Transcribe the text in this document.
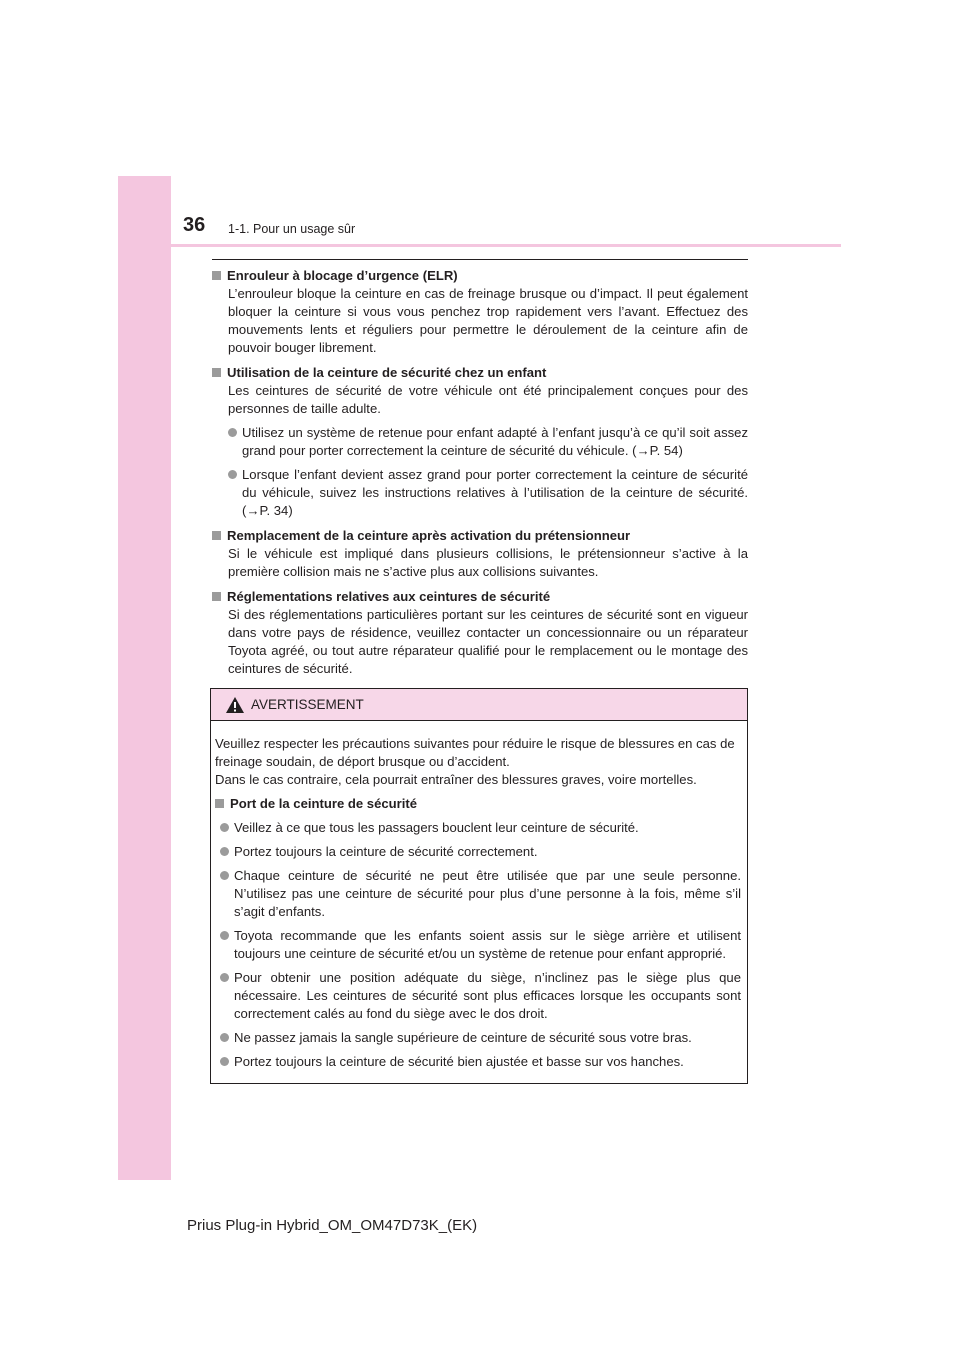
36 1-1. Pour un usage sûr
Enrouleur à blocage d’urgence (ELR)
L’enrouleur bloque la ceinture en cas de freinage brusque ou d’impact. Il peut également bloquer la ceinture si vous vous penchez trop rapidement vers l’avant. Effectuez des mouvements lents et réguliers pour permettre le déroulement de la ceinture afin de pouvoir bouger librement.
Utilisation de la ceinture de sécurité chez un enfant
Les ceintures de sécurité de votre véhicule ont été principalement conçues pour des personnes de taille adulte.
Utilisez un système de retenue pour enfant adapté à l’enfant jusqu’à ce qu’il soit assez grand pour porter correctement la ceinture de sécurité du véhicule. (→P. 54)
Lorsque l’enfant devient assez grand pour porter correctement la ceinture de sécurité du véhicule, suivez les instructions relatives à l’utilisation de la ceinture de sécurité. (→P. 34)
Remplacement de la ceinture après activation du prétensionneur
Si le véhicule est impliqué dans plusieurs collisions, le prétensionneur s’active à la première collision mais ne s’active plus aux collisions suivantes.
Réglementations relatives aux ceintures de sécurité
Si des réglementations particulières portant sur les ceintures de sécurité sont en vigueur dans votre pays de résidence, veuillez contacter un concessionnaire ou un réparateur Toyota agréé, ou tout autre réparateur qualifié pour le remplacement ou le montage des ceintures de sécurité.
AVERTISSEMENT
Veuillez respecter les précautions suivantes pour réduire le risque de blessures en cas de freinage soudain, de déport brusque ou d’accident.
Dans le cas contraire, cela pourrait entraîner des blessures graves, voire mortelles.
Port de la ceinture de sécurité
Veillez à ce que tous les passagers bouclent leur ceinture de sécurité.
Portez toujours la ceinture de sécurité correctement.
Chaque ceinture de sécurité ne peut être utilisée que par une seule personne. N’utilisez pas une ceinture de sécurité pour plus d’une personne à la fois, même s’il s’agit d’enfants.
Toyota recommande que les enfants soient assis sur le siège arrière et utilisent toujours une ceinture de sécurité et/ou un système de retenue pour enfant approprié.
Pour obtenir une position adéquate du siège, n’inclinez pas le siège plus que nécessaire. Les ceintures de sécurité sont plus efficaces lorsque les occupants sont correctement calés au fond du siège avec le dos droit.
Ne passez jamais la sangle supérieure de ceinture de sécurité sous votre bras.
Portez toujours la ceinture de sécurité bien ajustée et basse sur vos hanches.
Prius Plug-in Hybrid_OM_OM47D73K_(EK)
